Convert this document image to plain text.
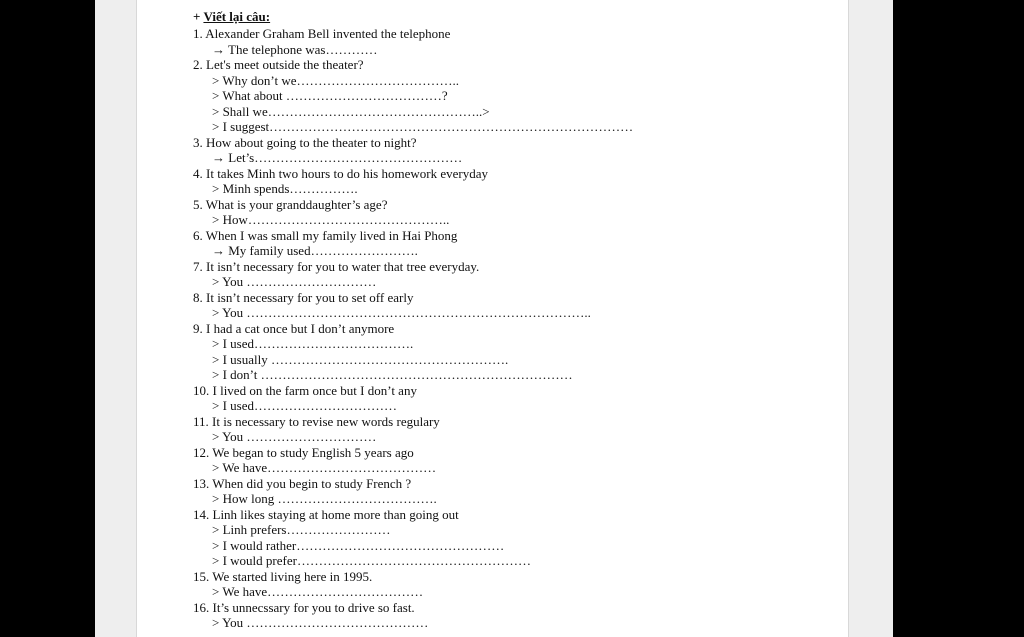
+ Viết lại câu:
1. Alexander Graham Bell invented the telephone
→ The telephone was…………
2. Let's meet outside the theater?
> Why don’t we………………………………..
> What about ………………………………?
> Shall we…………………………………………..>
> I suggest…………………………………………………………………………
3. How about going to the theater to night?
→ Let’s…………………………………………
4. It takes Minh two hours to do his homework everyday
> Minh spends…………….
5. What is your granddaughter’s age?
> How………………………………………..
6. When I was small my family lived in Hai Phong
→ My family used…………………….
7. It isn’t necessary for you to water that tree everyday.
> You …………………………
8. It isn’t necessary for you to set off early
> You ……………………………………………………………………..
9. I had a cat once but I don’t anymore
> I used……………………………….
> I usually ……………………………………………….
> I don’t ………………………………………………………………
10. I lived on the farm once but I don’t any
> I used……………………………
11. It is necessary to revise new words regulary
> You …………………………
12. We began to study English 5 years ago
> We have…………………………………
13. When did you begin to study French ?
> How long ……………………………….
14. Linh likes staying at home more than going out
> Linh prefers……………………
> I would rather…………………………………………
> I would prefer………………………………………………
15. We started living here in 1995.
> We have………………………………
16. It’s unnecssary for you to drive so fast.
> You ……………………………………
